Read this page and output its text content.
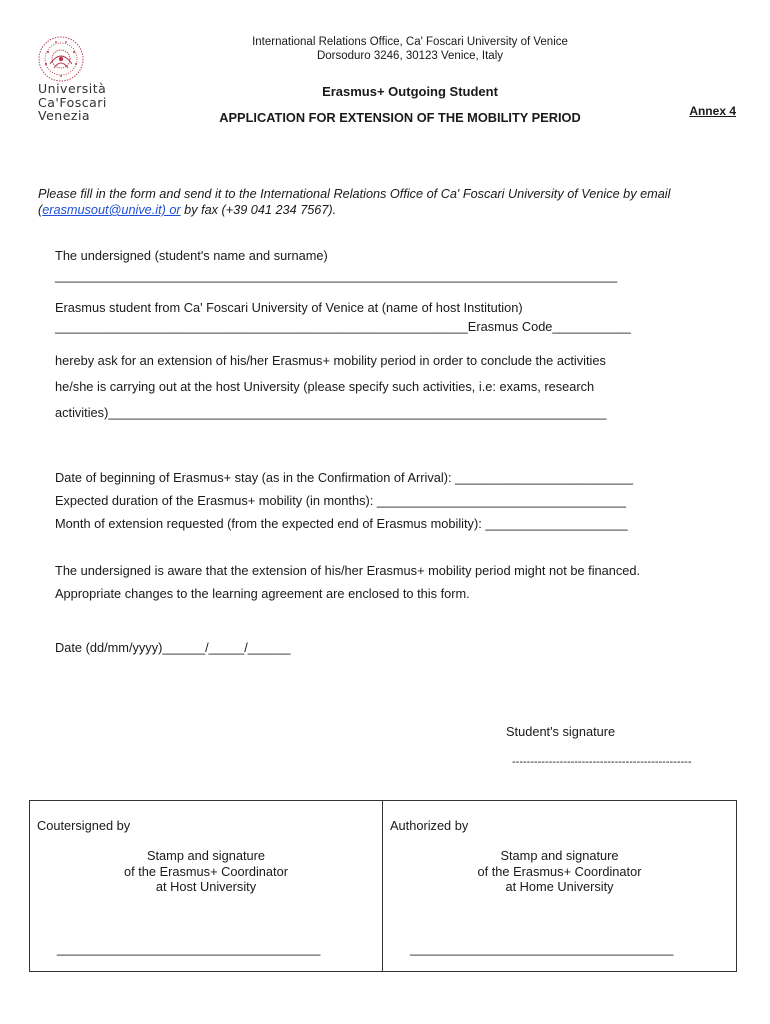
Università
Ca'Foscari
Venezia
International Relations Office, Ca' Foscari University of Venice
Dorsoduro 3246, 30123 Venice, Italy
Erasmus+ Outgoing Student
APPLICATION FOR EXTENSION OF THE MOBILITY PERIOD	Annex 4
Please fill in the form and send it to the International Relations Office of Ca' Foscari University of Venice by email (erasmusout@unive.it) or by fax (+39 041 234 7567).
The undersigned (student's name and surname)
_______________________________________________________________________________
Erasmus student from Ca' Foscari University of Venice at (name of host Institution)
__________________________________________________________Erasmus Code___________
hereby ask for an extension of his/her Erasmus+ mobility period in order to conclude the activities
he/she is carrying out at the host University (please specify such activities, i.e: exams, research
activities)______________________________________________________________________
Date of beginning of Erasmus+ stay (as in the Confirmation of Arrival): _________________________
Expected duration of the Erasmus+ mobility (in months): ___________________________________
Month of extension requested (from the expected end of Erasmus mobility): ____________________
The undersigned is aware that the extension of his/her Erasmus+ mobility period might not be financed.
Appropriate changes to the learning agreement are enclosed to this form.
Date (dd/mm/yyyy)______/_____/______
Student's signature
-------------------------------------------------
Coutersigned by
Stamp and signature
of the Erasmus+ Coordinator
at Host University
_____________________________________
Authorized by
Stamp and signature
of the Erasmus+ Coordinator
at Home University
_____________________________________
